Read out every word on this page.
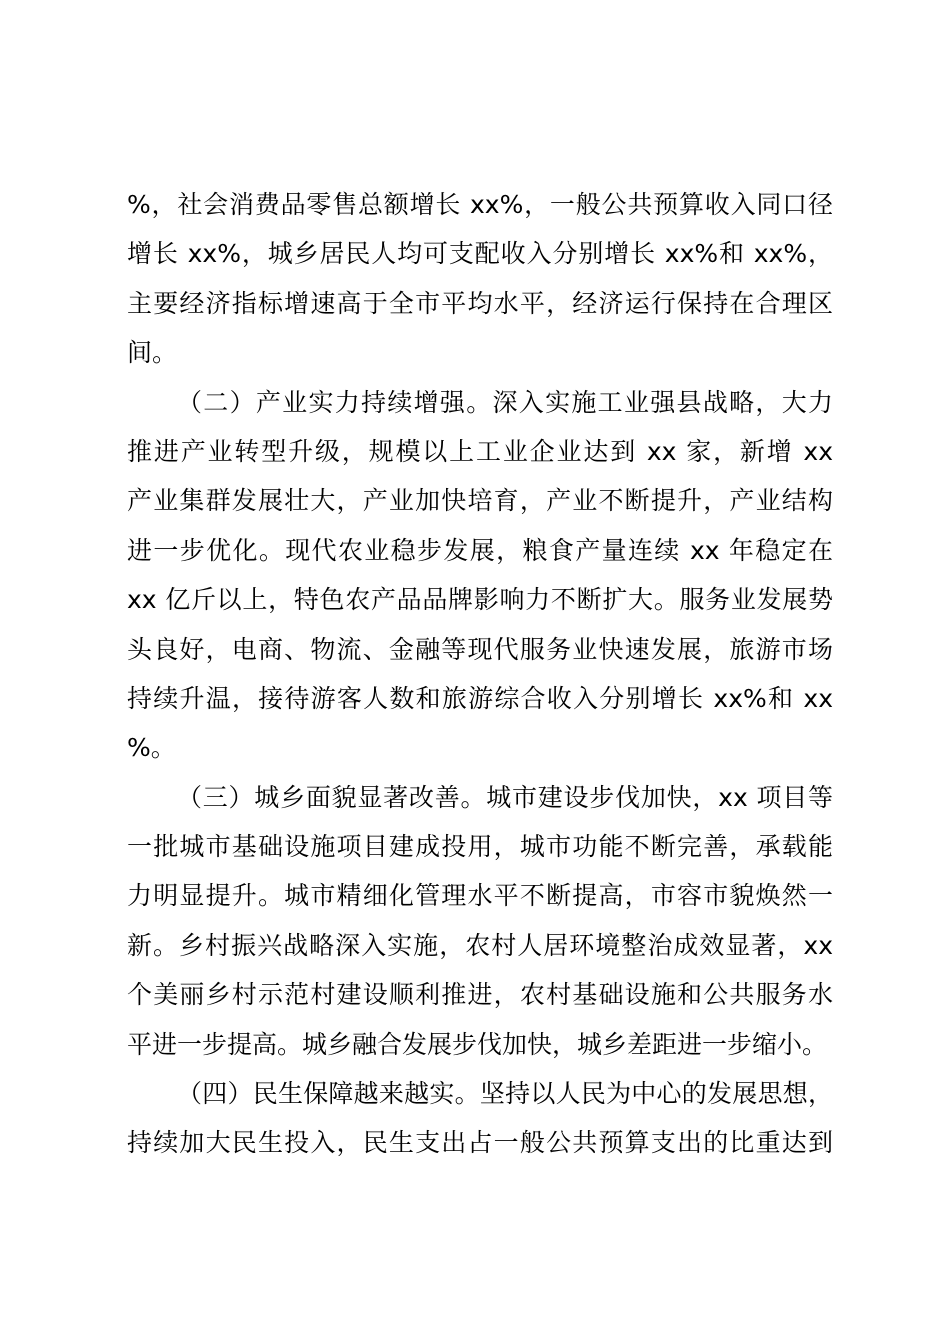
%，社会消费品零售总额增长 xx%，一般公共预算收入同口径
增长 xx%，城乡居民人均可支配收入分别增长 xx%和 xx%，
主要经济指标增速高于全市平均水平，经济运行保持在合理区
间。
（二）产业实力持续增强。深入实施工业强县战略，大力
推进产业转型升级，规模以上工业企业达到 xx 家，新增 xx
产业集群发展壮大，产业加快培育，产业不断提升，产业结构
进一步优化。现代农业稳步发展，粮食产量连续 xx 年稳定在
xx 亿斤以上，特色农产品品牌影响力不断扩大。服务业发展势
头良好，电商、物流、金融等现代服务业快速发展，旅游市场
持续升温，接待游客人数和旅游综合收入分别增长 xx%和 xx
%。
（三）城乡面貌显著改善。城市建设步伐加快，xx 项目等
一批城市基础设施项目建成投用，城市功能不断完善，承载能
力明显提升。城市精细化管理水平不断提高，市容市貌焕然一
新。乡村振兴战略深入实施，农村人居环境整治成效显著，xx
个美丽乡村示范村建设顺利推进，农村基础设施和公共服务水
平进一步提高。城乡融合发展步伐加快，城乡差距进一步缩小。
（四）民生保障越来越实。坚持以人民为中心的发展思想，
持续加大民生投入，民生支出占一般公共预算支出的比重达到
